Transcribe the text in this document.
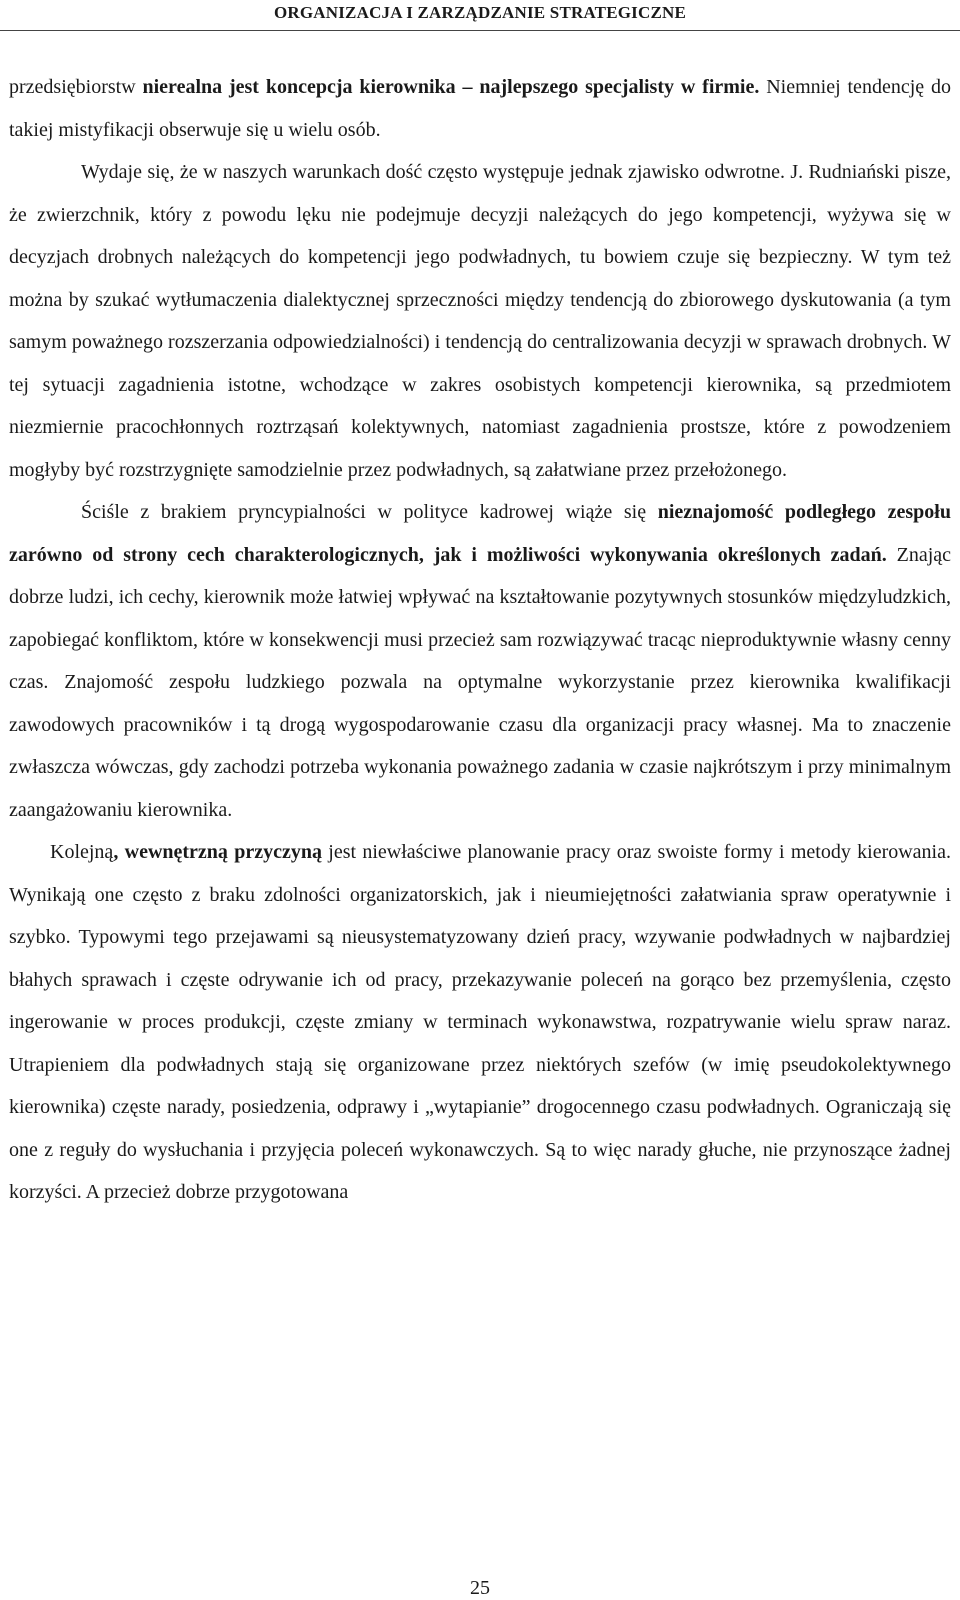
ORGANIZACJA I ZARZĄDZANIE STRATEGICZNE

przedsiębiorstw nierealna jest koncepcja kierownika – najlepszego specjalisty w firmie. Niemniej tendencję do takiej mistyfikacji obserwuje się u wielu osób.

Wydaje się, że w naszych warunkach dość często występuje jednak zjawisko odwrotne. J. Rudniański pisze, że zwierzchnik, który z powodu lęku nie podejmuje decyzji należących do jego kompetencji, wyżywa się w decyzjach drobnych należących do kompetencji jego podwładnych, tu bowiem czuje się bezpieczny. W tym też można by szukać wytłumaczenia dialektycznej sprzeczności między tendencją do zbiorowego dyskutowania (a tym samym poważnego rozszerzania odpowiedzialności) i tendencją do centralizowania decyzji w sprawach drobnych. W tej sytuacji zagadnienia istotne, wchodzące w zakres osobistych kompetencji kierownika, są przedmiotem niezmiernie pracochłonnych roztrząsań kolektywnych, natomiast zagadnienia prostsze, które z powodzeniem mogłyby być rozstrzygnięte samodzielnie przez podwładnych, są załatwiane przez przełożonego.

Ściśle z brakiem pryncypialności w polityce kadrowej wiąże się nieznajomość podległego zespołu zarówno od strony cech charakterologicznych, jak i możliwości wykonywania określonych zadań. Znając dobrze ludzi, ich cechy, kierownik może łatwiej wpływać na kształtowanie pozytywnych stosunków międzyludzkich, zapobiegać konfliktom, które w konsekwencji musi przecież sam rozwiązywać tracąc nieproduktywnie własny cenny czas. Znajomość zespołu ludzkiego pozwala na optymalne wykorzystanie przez kierownika kwalifikacji zawodowych pracowników i tą drogą wygospodarowanie czasu dla organizacji pracy własnej. Ma to znaczenie zwłaszcza wówczas, gdy zachodzi potrzeba wykonania poważnego zadania w czasie najkrótszym i przy minimalnym zaangażowaniu kierownika.

Kolejną, wewnętrzną przyczyną jest niewłaściwe planowanie pracy oraz swoiste formy i metody kierowania. Wynikają one często z braku zdolności organizatorskich, jak i nieumiejętności załatwiania spraw operatywnie i szybko. Typowymi tego przejawami są nieusystematyzowany dzień pracy, wzywanie podwładnych w najbardziej błahych sprawach i częste odrywanie ich od pracy, przekazywanie poleceń na gorąco bez przemyślenia, często ingerowanie w proces produkcji, częste zmiany w terminach wykonawstwa, rozpatrywanie wielu spraw naraz. Utrapieniem dla podwładnych stają się organizowane przez niektórych szefów (w imię pseudokolektywnego kierownika) częste narady, posiedzenia, odprawy i „wytapianie” drogocennego czasu podwładnych. Ograniczają się one z reguły do wysłuchania i przyjęcia poleceń wykonawczych. Są to więc narady głuche, nie przynoszące żadnej korzyści. A przecież dobrze przygotowana

25
